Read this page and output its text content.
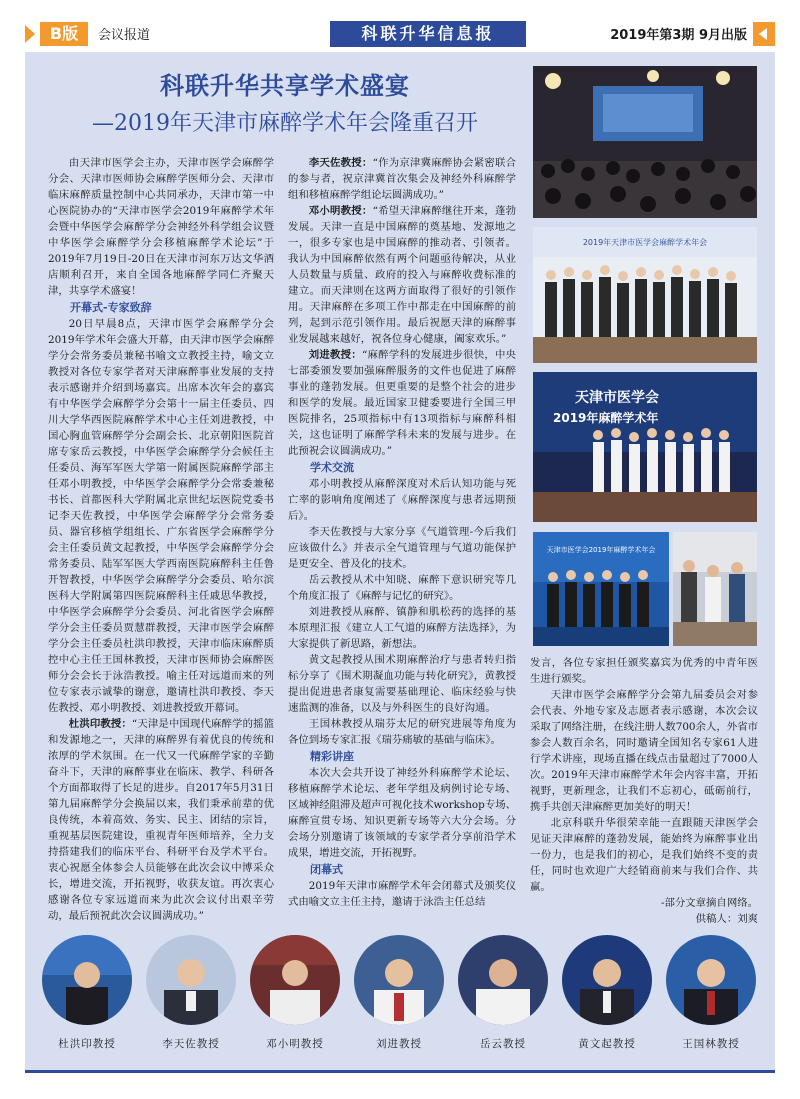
B版	会议报道	科联升华信息报	2019年第3期 9月出版
科联升华共享学术盛宴
—2019年天津市麻醉学术年会隆重召开

由天津市医学会主办，天津市医学会麻醉学分会、天津市医师协会麻醉学医师分会、天津市临床麻醉质量控制中心共同承办，天津市第一中心医院协办的“天津市医学会2019年麻醉学术年会暨中华医学会麻醉学分会神经外科学组会议暨中华医学会麻醉学分会移植麻醉学术论坛”于2019年7月19日-20日在天津市河东万达文华酒店顺利召开，来自全国各地麻醉学同仁齐聚天津，共享学术盛宴！

开幕式-专家致辞

20日早晨8点，天津市医学会麻醉学分会2019年学术年会盛大开幕，由天津市医学会麻醉学分会常务委员兼秘书喻文立教授主持，喻文立教授对各位专家学者对天津麻醉事业发展的支持表示感谢并介绍到场嘉宾。出席本次年会的嘉宾有中华医学会麻醉学分会第十一届主任委员、四川大学华西医院麻醉学术中心主任刘进教授，中国心胸血管麻醉学分会副会长、北京朝阳医院首席专家岳云教授，中华医学会麻醉学分会候任主任委员、海军军医大学第一附属医院麻醉学部主任邓小明教授，中华医学会麻醉学分会常委兼秘书长、首都医科大学附属北京世纪坛医院党委书记李天佐教授，中华医学会麻醉学分会常务委员、器官移植学组组长、广东省医学会麻醉学分会主任委员黄文起教授，中华医学会麻醉学分会常务委员、陆军军医大学西南医院麻醉科主任鲁开智教授，中华医学会麻醉学分会委员、哈尔滨医科大学附属第四医院麻醉科主任戚思华教授，中华医学会麻醉学分会委员、河北省医学会麻醉学分会主任委员贾慧群教授，天津市医学会麻醉学分会主任委员杜洪印教授，天津市临床麻醉质控中心主任王国林教授，天津市医师协会麻醉医师分会会长于泳浩教授。喻主任对远道而来的列位专家表示诚挚的谢意，邀请杜洪印教授、李天佐教授、邓小明教授、刘进教授致开幕词。

杜洪印教授：“天津是中国现代麻醉学的摇篮和发源地之一，天津的麻醉界有着优良的传统和浓厚的学术氛围。在一代又一代麻醉学家的辛勤奋斗下，天津的麻醉事业在临床、教学、科研各个方面都取得了长足的进步。自2017年5月31日第九届麻醉学分会换届以来，我们秉承前辈的优良传统，本着高效、务实、民主、团结的宗旨，重视基层医院建设，重视青年医师培养，全力支持搭建我们的临床平台、科研平台及学术平台。衷心祝愿全体参会人员能够在此次会议中博采众长，增进交流，开拓视野，收获友谊。再次衷心感谢各位专家远道而来为此次会议付出艰辛劳动，最后预祝此次会议圆满成功。”

李天佐教授：“作为京津冀麻醉协会紧密联合的参与者，祝京津冀首次集会及神经外科麻醉学组和移植麻醉学组论坛圆满成功。”

邓小明教授：“希望天津麻醉继往开来，蓬勃发展。天津一直是中国麻醉的奠基地、发源地之一，很多专家也是中国麻醉的推动者、引领者。我认为中国麻醉依然有两个问题亟待解决，从业人员数量与质量、政府的投入与麻醉收费标准的建立。而天津则在这两方面取得了很好的引领作用。天津麻醉在多项工作中都走在中国麻醉的前列，起到示范引领作用。最后祝愿天津的麻醉事业发展越来越好，祝各位身心健康，阖家欢乐。”

刘进教授：“麻醉学科的发展进步很快，中央七部委颁发要加强麻醉服务的文件也促进了麻醉事业的蓬勃发展。但更重要的是整个社会的进步和医学的发展。最近国家卫健委要进行全国三甲医院排名，25项指标中有13项指标与麻醉科相关，这也证明了麻醉学科未来的发展与进步。在此预祝会议圆满成功。”

学术交流

邓小明教授从麻醉深度对术后认知功能与死亡率的影响角度阐述了《麻醉深度与患者远期预后》。

李天佐教授与大家分享《气道管理-今后我们应该做什么》并表示全气道管理与气道功能保护是更安全、普及化的技术。

岳云教授从术中知晓、麻醉下意识研究等几个角度汇报了《麻醉与记忆的研究》。

刘进教授从麻醉、镇静和肌松药的选择的基本原理汇报《建立人工气道的麻醉方法选择》，为大家提供了新思路，新想法。

黄文起教授从围术期麻醉治疗与患者转归指标分享了《围术期凝血功能与转化研究》，黄教授提出促进患者康复需要基础理论、临床经验与快速监测的准备，以及与外科医生的良好沟通。

王国林教授从瑞芬太尼的研究进展等角度为各位到场专家汇报《瑞芬痛敏的基础与临床》。

精彩讲座

本次大会共开设了神经外科麻醉学术论坛、移植麻醉学术论坛、老年学组及病例讨论专场、区域神经阻滞及超声可视化技术workshop专场、麻醉宣贯专场、知识更新专场等六大分会场。分会场分别邀请了该领域的专家学者分享前沿学术成果，增进交流，开拓视野。

闭幕式

2019年天津市麻醉学术年会闭幕式及颁奖仪式由喻文立主任主持，邀请于泳浩主任总结

发言，各位专家担任颁奖嘉宾为优秀的中青年医生进行颁奖。

天津市医学会麻醉学分会第九届委员会对参会代表、外地专家及志愿者表示感谢，本次会议采取了网络注册，在线注册人数700余人，外省市参会人数百余名，同时邀请全国知名专家61人进行学术讲座，现场直播在线点击量超过了7000人次。2019年天津市麻醉学术年会内容丰富，开拓视野，更新理念，让我们不忘初心，砥砺前行，携手共创天津麻醉更加美好的明天！

北京科联升华很荣幸能一直跟随天津医学会见证天津麻醉的蓬勃发展，能始终为麻醉事业出一份力，也是我们的初心，是我们始终不变的责任，同时也欢迎广大经销商前来与我们合作、共赢。

-部分文章摘自网络。
供稿人：刘爽
2019年天津市医学会麻醉学术年会
天津市医学会
2019年麻醉学术年
天津市医学会2019年麻醉学术年会
杜洪印教授	李天佐教授	邓小明教授	刘进教授	岳云教授	黄文起教授	王国林教授
